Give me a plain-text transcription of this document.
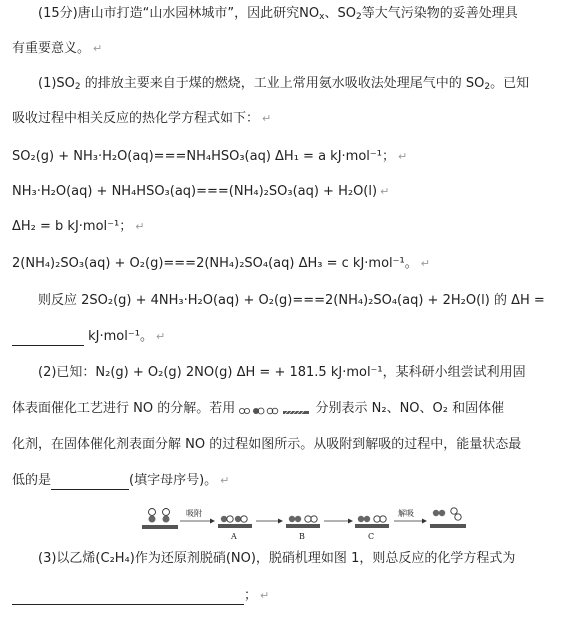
(15分)唐山市打造“山水园林城市”，因此研究$NO_x$、$SO_2$等大气污染物的妥善处理具
有重要意义。 ↵
$(1)SO_2$ 的排放主要来自于煤的燃烧，工业上常用氨水吸收法处理尾气中的 $SO_2$。已知
吸收过程中相关反应的热化学方程式如下： ↵
SO₂(g) + NH₃·H₂O(aq)===NH₄HSO₃(aq) ΔH₁ = a kJ·mol⁻¹； ↵
NH₃·H₂O(aq) + NH₄HSO₃(aq)===(NH₄)₂SO₃(aq) + H₂O(l) ↵
ΔH₂ = b kJ·mol⁻¹； ↵
2(NH₄)₂SO₃(aq) + O₂(g)===2(NH₄)₂SO₄(aq) ΔH₃ = c kJ·mol⁻¹。 ↵
则反应 2SO₂(g) + 4NH₃·H₂O(aq) + O₂(g)===2(NH₄)₂SO₄(aq) + 2H₂O(l) 的 ΔH =
kJ·mol⁻¹。 ↵
(2)已知：N₂(g) + O₂(g) 2NO(g) ΔH = + 181.5 kJ·mol⁻¹，某科研小组尝试利用固
体表面催化工艺进行 NO 的分解。若用	分别表示 N₂、NO、O₂ 和固体催
化剂，在固体催化剂表面分解 NO 的过程如图所示。从吸附到解吸的过程中，能量状态最
低的是	(填字母序号)。 ↵
吸附
A	B	C
解吸
(3)以乙烯(C₂H₄)作为还原剂脱硝(NO)，脱硝机理如图 1，则总反应的化学方程式为
； ↵
